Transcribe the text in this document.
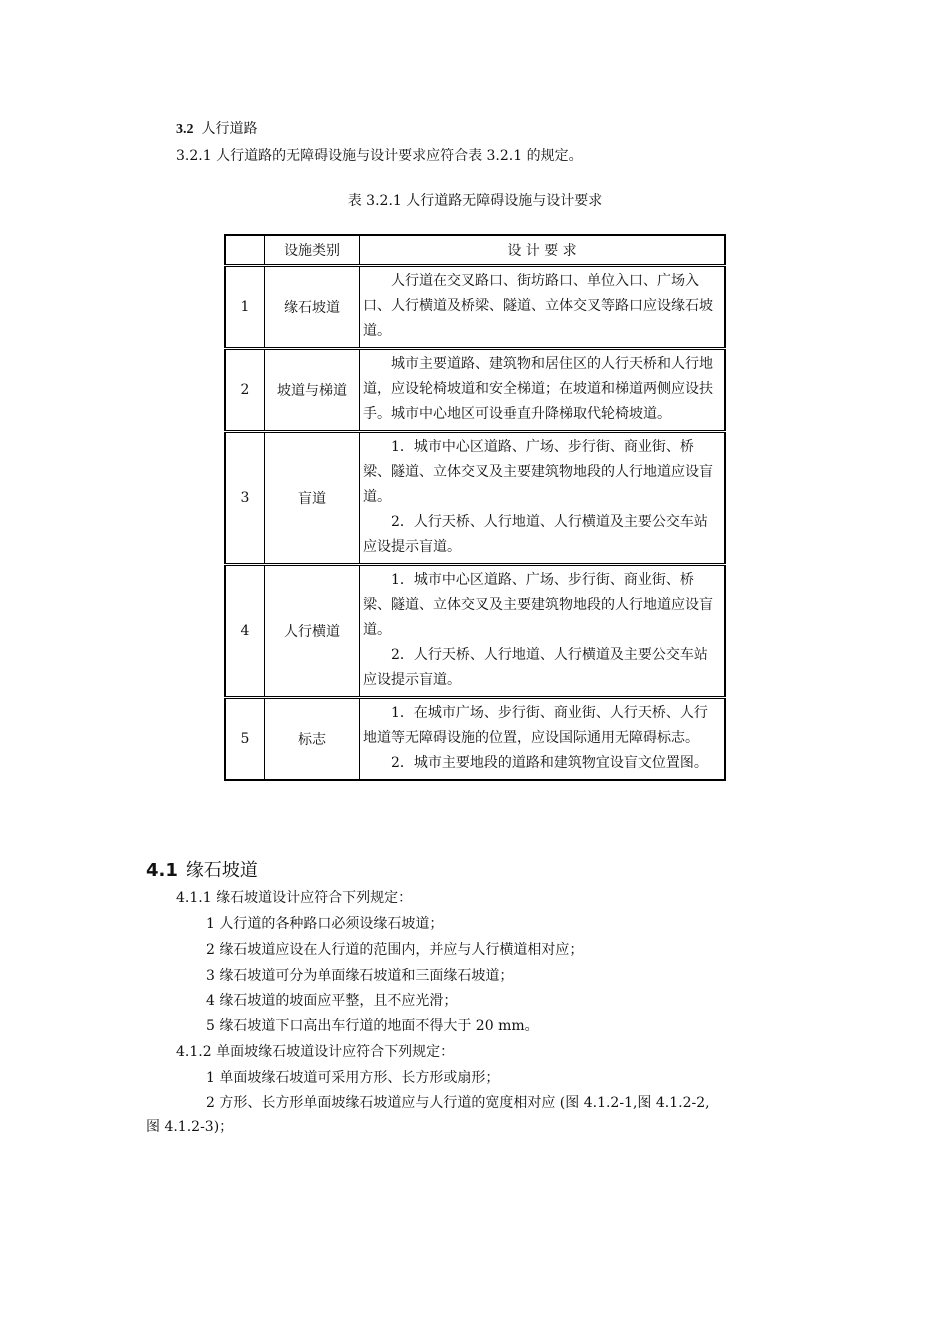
3.2 人行道路
3.2.1 人行道路的无障碍设施与设计要求应符合表 3.2.1 的规定。
表 3.2.1 人行道路无障碍设施与设计要求
	设施类别	设 计 要 求
1	缘石坡道	人行道在交叉路口、街坊路口、单位入口、广场入口、人行横道及桥梁、隧道、立体交叉等路口应设缘石坡道。

2	坡道与梯道	城市主要道路、建筑物和居住区的人行天桥和人行地道，应设轮椅坡道和安全梯道；在坡道和梯道两侧应设扶手。城市中心地区可设垂直升降梯取代轮椅坡道。

3	盲道	1．城市中心区道路、广场、步行街、商业街、桥梁、隧道、立体交叉及主要建筑物地段的人行地道应设盲道。

2．人行天桥、人行地道、人行横道及主要公交车站应设提示盲道。

4	人行横道	1．城市中心区道路、广场、步行街、商业街、桥梁、隧道、立体交叉及主要建筑物地段的人行地道应设盲道。

2．人行天桥、人行地道、人行横道及主要公交车站应设提示盲道。

5	标志	1．在城市广场、步行街、商业街、人行天桥、人行地道等无障碍设施的位置，应设国际通用无障碍标志。

2．城市主要地段的道路和建筑物宜设盲文位置图。

4.1 缘石坡道
4.1.1 缘石坡道设计应符合下列规定：
1 人行道的各种路口必须设缘石坡道；
2 缘石坡道应设在人行道的范围内，并应与人行横道相对应；
3 缘石坡道可分为单面缘石坡道和三面缘石坡道；
4 缘石坡道的坡面应平整，且不应光滑；
5 缘石坡道下口高出车行道的地面不得大于 20 mm。
4.1.2 单面坡缘石坡道设计应符合下列规定：
1 单面坡缘石坡道可采用方形、长方形或扇形；
2 方形、长方形单面坡缘石坡道应与人行道的宽度相对应 (图 4.1.2-1,图 4.1.2-2,
图 4.1.2-3)；
